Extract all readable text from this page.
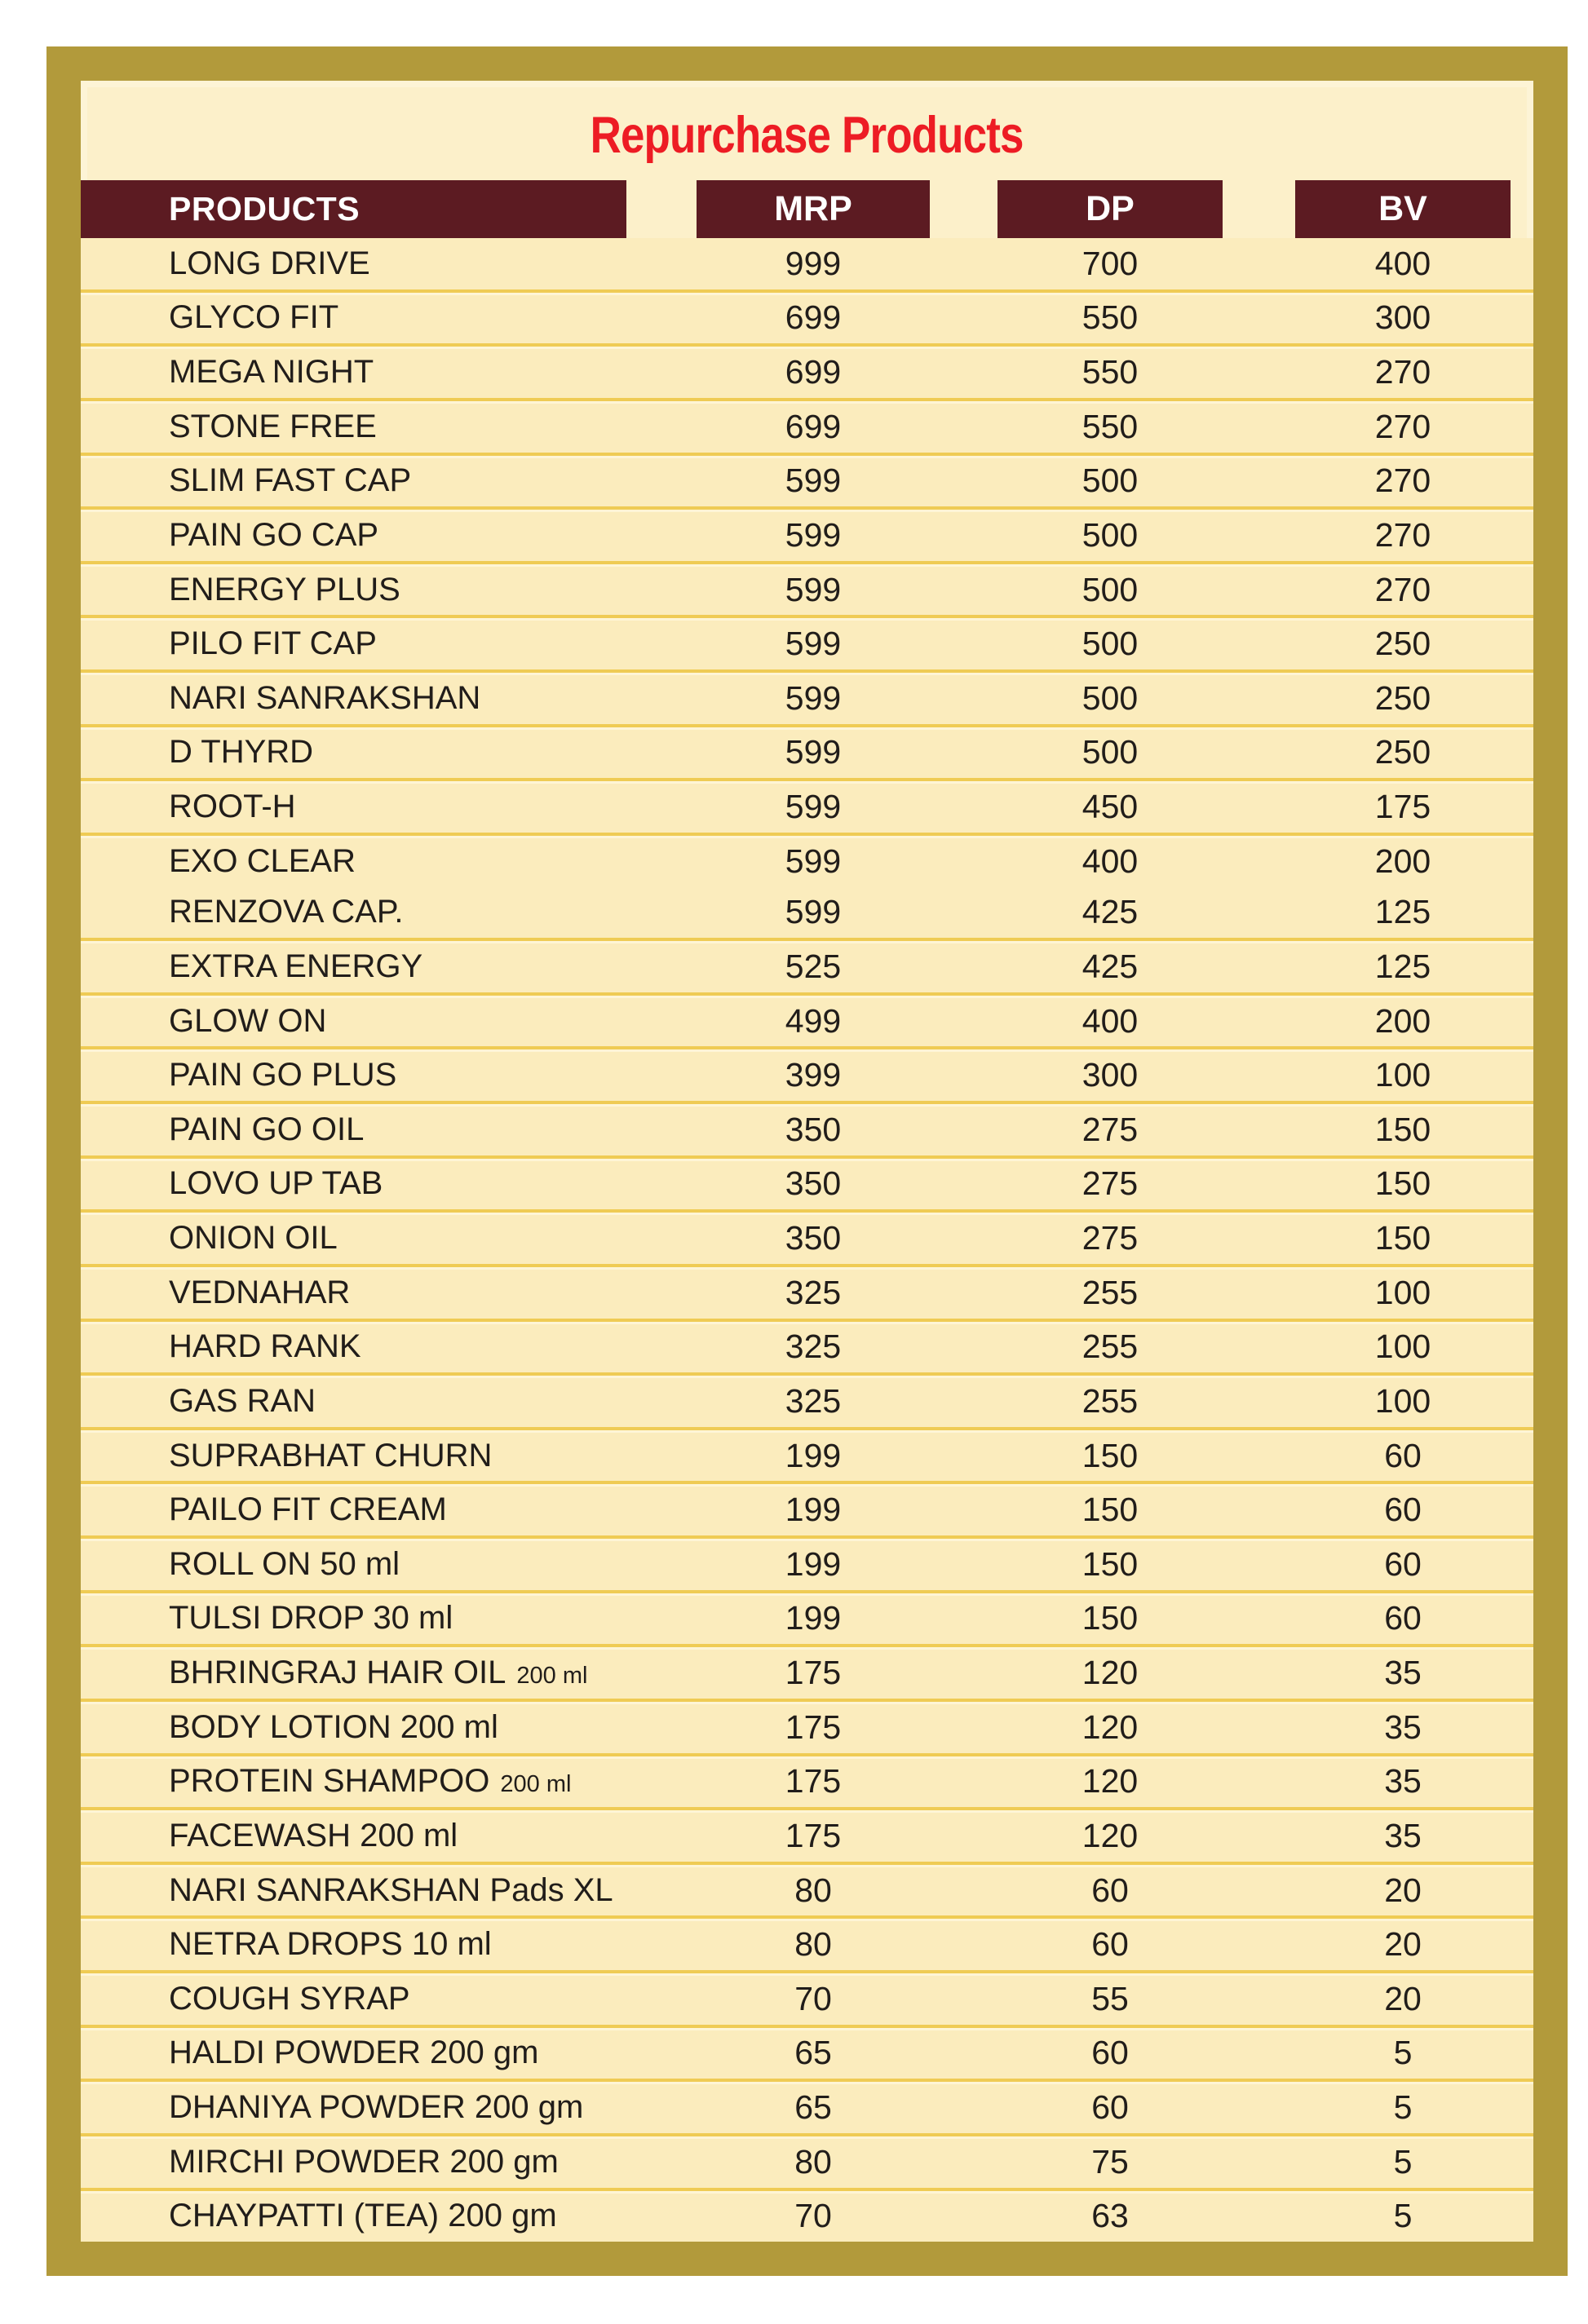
Repurchase Products
PRODUCTS	MRP	DP	BV
LONG DRIVE	999	700	400
GLYCO FIT	699	550	300
MEGA NIGHT	699	550	270
STONE FREE	699	550	270
SLIM FAST CAP	599	500	270
PAIN GO CAP	599	500	270
ENERGY PLUS	599	500	270
PILO FIT CAP	599	500	250
NARI SANRAKSHAN	599	500	250
D THYRD	599	500	250
ROOT-H	599	450	175
EXO CLEAR	599	400	200
RENZOVA CAP.	599	425	125
EXTRA ENERGY	525	425	125
GLOW ON	499	400	200
PAIN GO PLUS	399	300	100
PAIN GO OIL	350	275	150
LOVO UP TAB	350	275	150
ONION OIL	350	275	150
VEDNAHAR	325	255	100
HARD RANK	325	255	100
GAS RAN	325	255	100
SUPRABHAT CHURN	199	150	60
PAILO FIT CREAM	199	150	60
ROLL ON 50 ml	199	150	60
TULSI DROP 30 ml	199	150	60
BHRINGRAJ HAIR OIL 200 ml	175	120	35
BODY LOTION 200 ml	175	120	35
PROTEIN SHAMPOO 200 ml	175	120	35
FACEWASH 200 ml	175	120	35
NARI SANRAKSHAN Pads XL	80	60	20
NETRA DROPS 10 ml	80	60	20
COUGH SYRAP	70	55	20
HALDI POWDER 200 gm	65	60	5
DHANIYA POWDER 200 gm	65	60	5
MIRCHI POWDER 200 gm	80	75	5
CHAYPATTI (TEA) 200 gm	70	63	5
